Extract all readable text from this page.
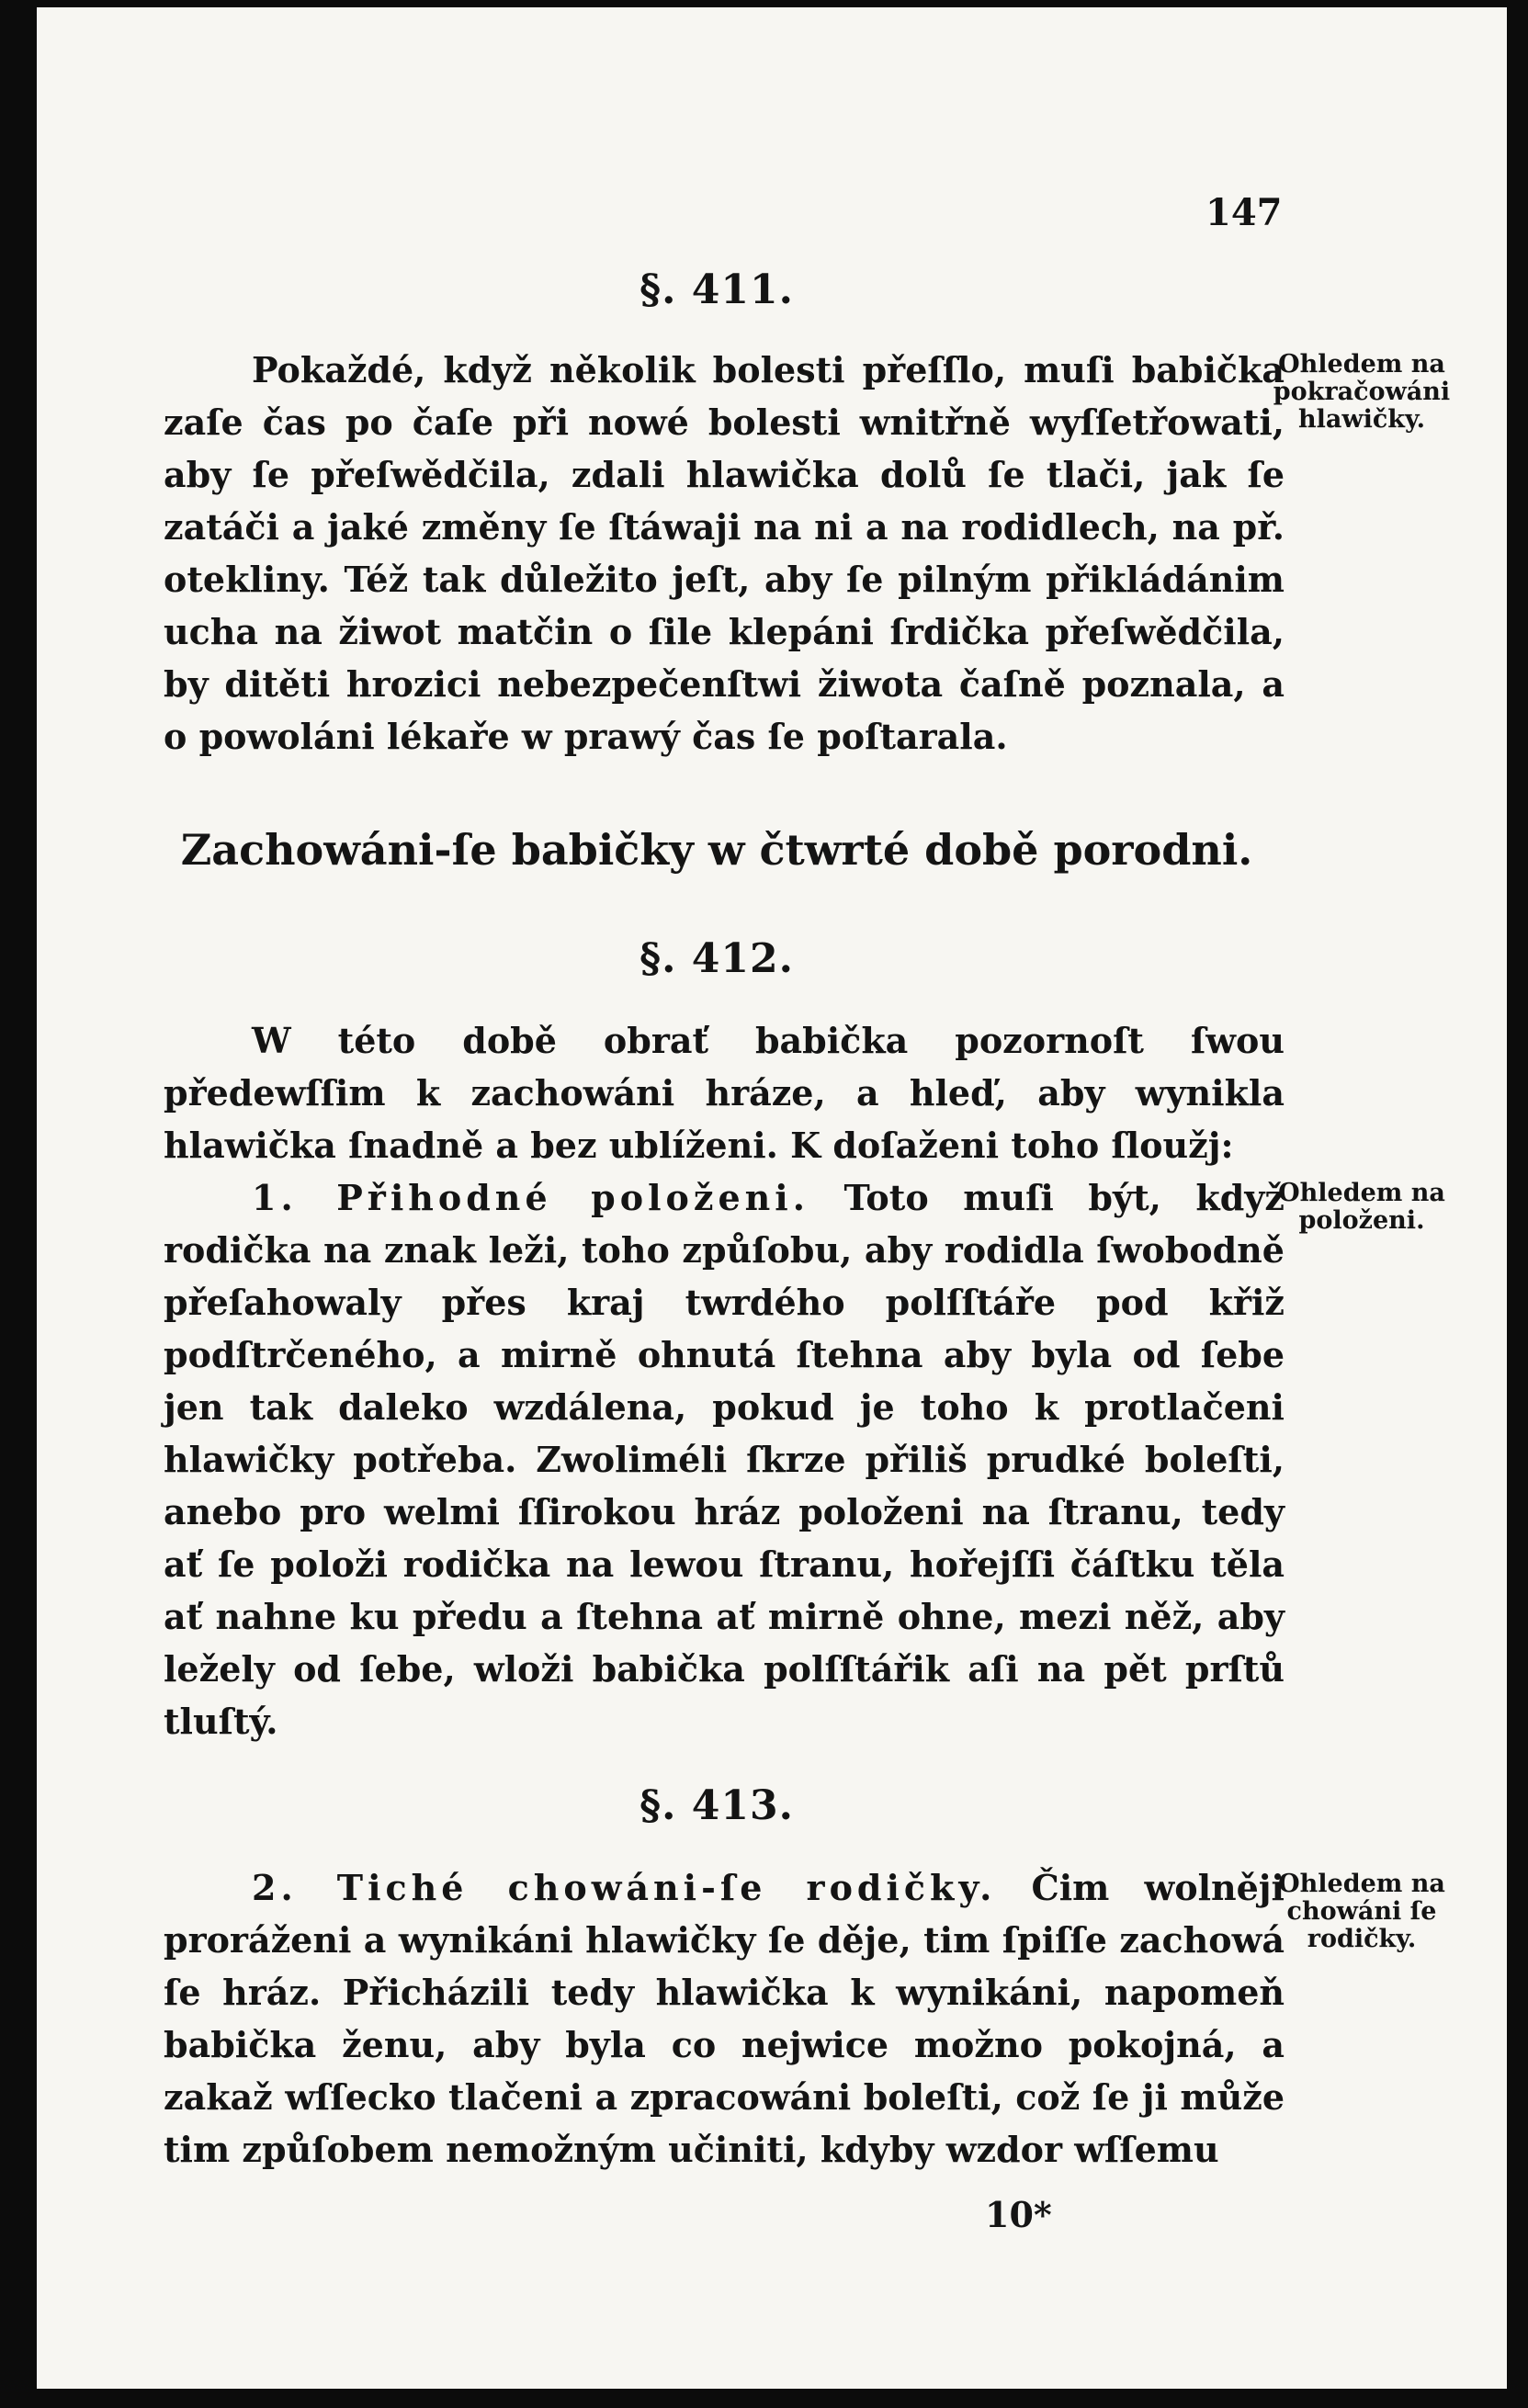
147
§. 411.

Pokaždé, když několik bolesti přeſſlo, muſi babička zaſe čas po čaſe při nowé bolesti wnitřně wyſſetřowati, aby ſe přeſwědčila, zdali hlawička dolů ſe tlači, jak ſe zatáči a jaké změny ſe ſtáwaji na ni a na rodidlech, na př. otekliny. Též tak důležito jeſt, aby ſe pilným přikládánim ucha na žiwot matčin o ſile klepáni ſrdička přeſwědčila, by ditěti hrozici nebezpečenſtwi žiwota čaſně poznala, a o powoláni lékaře w prawý čas ſe poſtarala.

Ohledem na pokračowáni hlawičky.
Zachowáni-ſe babičky w čtwrté době porodni.
§. 412.

W této době obrať babička pozornoſt ſwou předewſſim k zachowáni hráze, a hleď, aby wynikla hlawička ſnadně a bez ublíženi. K doſaženi toho ſloužj:

1. Přihodné položeni. Toto muſi být, když rodička na znak leži, toho způſobu, aby rodidla ſwobodně přeſahowaly přes kraj twrdého polſſtáře pod křiž podſtrčeného, a mirně ohnutá ſtehna aby byla od ſebe jen tak daleko wzdálena, pokud je toho k protlačeni hlawičky potřeba. Zwoliméli ſkrze přiliš prudké boleſti, anebo pro welmi ſſirokou hráz položeni na ſtranu, tedy ať ſe položi rodička na lewou ſtranu, hořejſſi čáſtku těla ať nahne ku předu a ſtehna ať mirně ohne, mezi něž, aby ležely od ſebe, wloži babička polſſtářik aſi na pět prſtů tluſtý.

Ohledem na položeni.
§. 413.

2. Tiché chowáni-ſe rodičky. Čim wolněji proráženi a wynikáni hlawičky ſe děje, tim ſpiſſe zachowá ſe hráz. Přicházili tedy hlawička k wynikáni, napomeň babička ženu, aby byla co nejwice možno pokojná, a zakaž wſſecko tlačeni a zpracowáni boleſti, což ſe ji může tim způſobem nemožným učiniti, kdyby wzdor wſſemu

Ohledem na chowáni ſe rodičky.
10*
